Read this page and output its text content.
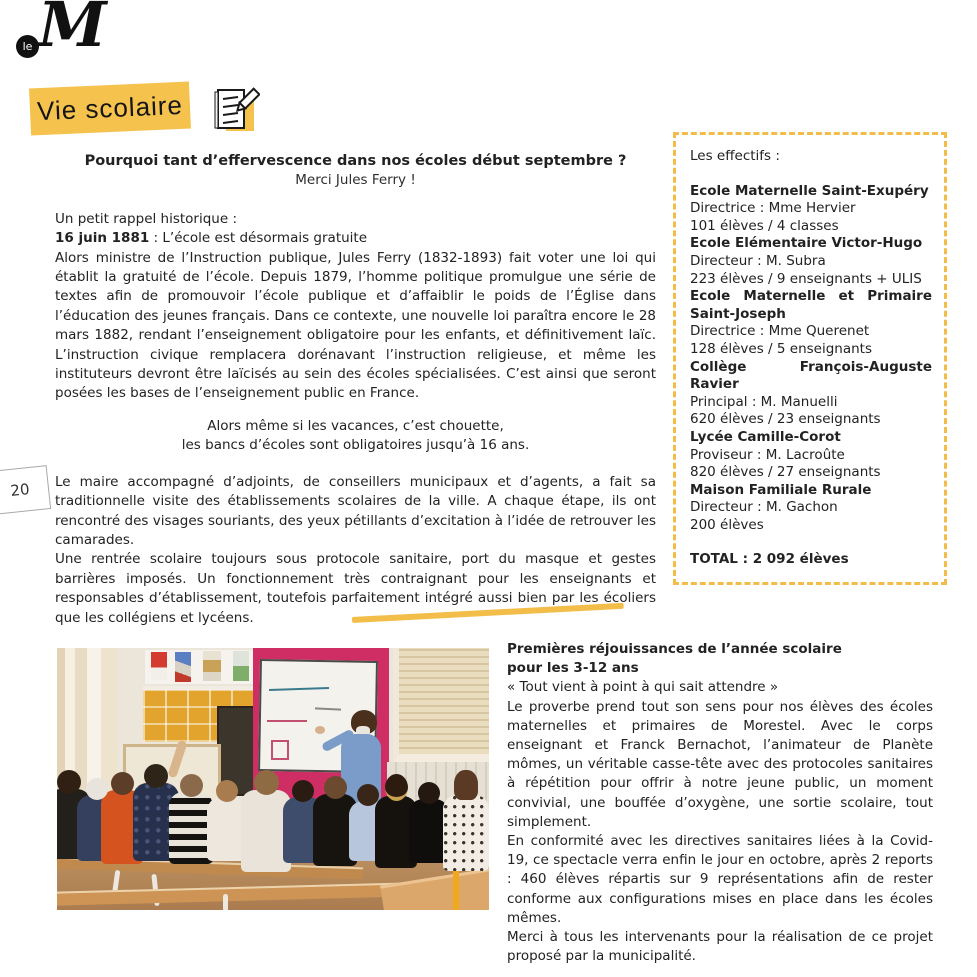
le M
Vie scolaire
20
Pourquoi tant d’effervescence dans nos écoles début septembre ?
Merci Jules Ferry !
Un petit rappel historique :
16 juin 1881 : L’école est désormais gratuite

Alors ministre de l’Instruction publique, Jules Ferry (1832-1893) fait voter une loi qui établit la gratuité de l’école. Depuis 1879, l’homme politique promulgue une série de textes afin de promouvoir l’école publique et d’affaiblir le poids de l’Église dans l’éducation des jeunes français. Dans ce contexte, une nouvelle loi paraîtra encore le 28 mars 1882, rendant l’enseignement obligatoire pour les enfants, et définitivement laïc. L’instruction civique remplacera dorénavant l’instruction religieuse, et même les instituteurs devront être laïcisés au sein des écoles spécialisées. C’est ainsi que seront posées les bases de l’enseignement public en France.

Alors même si les vacances, c’est chouette,
les bancs d’écoles sont obligatoires jusqu’à 16 ans.

Le maire accompagné d’adjoints, de conseillers municipaux et d’agents, a fait sa traditionnelle visite des établissements scolaires de la ville. A chaque étape, ils ont rencontré des visages souriants, des yeux pétillants d’excitation à l’idée de retrouver les camarades.

Une rentrée scolaire toujours sous protocole sanitaire, port du masque et gestes barrières imposés. Un fonctionnement très contraignant pour les enseignants et responsables d’établissement, toutefois parfaitement intégré aussi bien par les écoliers que les collégiens et lycéens.

Les effectifs :
Ecole Maternelle Saint-Exupéry
Directrice : Mme Hervier
101 élèves / 4 classes
Ecole Elémentaire Victor-Hugo
Directeur : M. Subra
223 élèves / 9 enseignants + ULIS
Ecole Maternelle et Primaire Saint-Joseph
Directrice : Mme Querenet
128 élèves / 5 enseignants
Collège François-Auguste Ravier
Principal : M. Manuelli
620 élèves / 23 enseignants
Lycée Camille-Corot
Proviseur : M. Lacroûte
820 élèves / 27 enseignants
Maison Familiale Rurale
Directeur : M. Gachon
200 élèves
TOTAL : 2 092 élèves
Premières réjouissances de l’année scolaire
pour les 3-12 ans
« Tout vient à point à qui sait attendre »

Le proverbe prend tout son sens pour nos élèves des écoles maternelles et primaires de Morestel. Avec le corps enseignant et Franck Bernachot, l’animateur de Planète mômes, un véritable casse-tête avec des protocoles sanitaires à répétition pour offrir à notre jeune public, un moment convivial, une bouffée d’oxygène, une sortie scolaire, tout simplement.

En conformité avec les directives sanitaires liées à la Covid-19, ce spectacle verra enfin le jour en octobre, après 2 reports : 460 élèves répartis sur 9 représentations afin de rester conforme aux configurations mises en place dans les écoles mêmes.

Merci à tous les intervenants pour la réalisation de ce projet proposé par la municipalité.
